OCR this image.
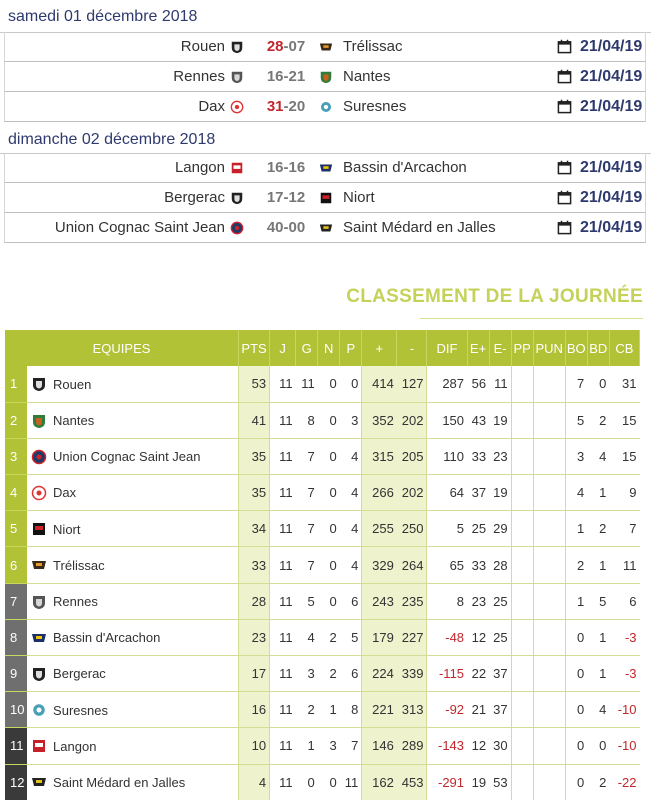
samedi 01 décembre 2018
Rouen	28-07	Trélissac	21/04/19
Rennes	16-21	Nantes	21/04/19
Dax	31-20	Suresnes	21/04/19
dimanche 02 décembre 2018
Langon	16-16	Bassin d'Arcachon	21/04/19
Bergerac	17-12	Niort	21/04/19
Union Cognac Saint Jean	40-00	Saint Médard en Jalles	21/04/19
CLASSEMENT DE LA JOURNÉE
EQUIPES		PTS	J	G	N	P	+	-	DIF	E+	E-	PP	PUN	BO	BD	CB
1	Rouen	53	11	11	0	0	414	127	287	56	11			7	0	31
2	Nantes	41	11	8	0	3	352	202	150	43	19			5	2	15
3	Union Cognac Saint Jean	35	11	7	0	4	315	205	110	33	23			3	4	15
4	Dax	35	11	7	0	4	266	202	64	37	19			4	1	9
5	Niort	34	11	7	0	4	255	250	5	25	29			1	2	7
6	Trélissac	33	11	7	0	4	329	264	65	33	28			2	1	11
7	Rennes	28	11	5	0	6	243	235	8	23	25			1	5	6
8	Bassin d'Arcachon	23	11	4	2	5	179	227	-48	12	25			0	1	-3
9	Bergerac	17	11	3	2	6	224	339	-115	22	37			0	1	-3
10	Suresnes	16	11	2	1	8	221	313	-92	21	37			0	4	-10
11	Langon	10	11	1	3	7	146	289	-143	12	30			0	0	-10
12	Saint Médard en Jalles	4	11	0	0	11	162	453	-291	19	53			0	2	-22
